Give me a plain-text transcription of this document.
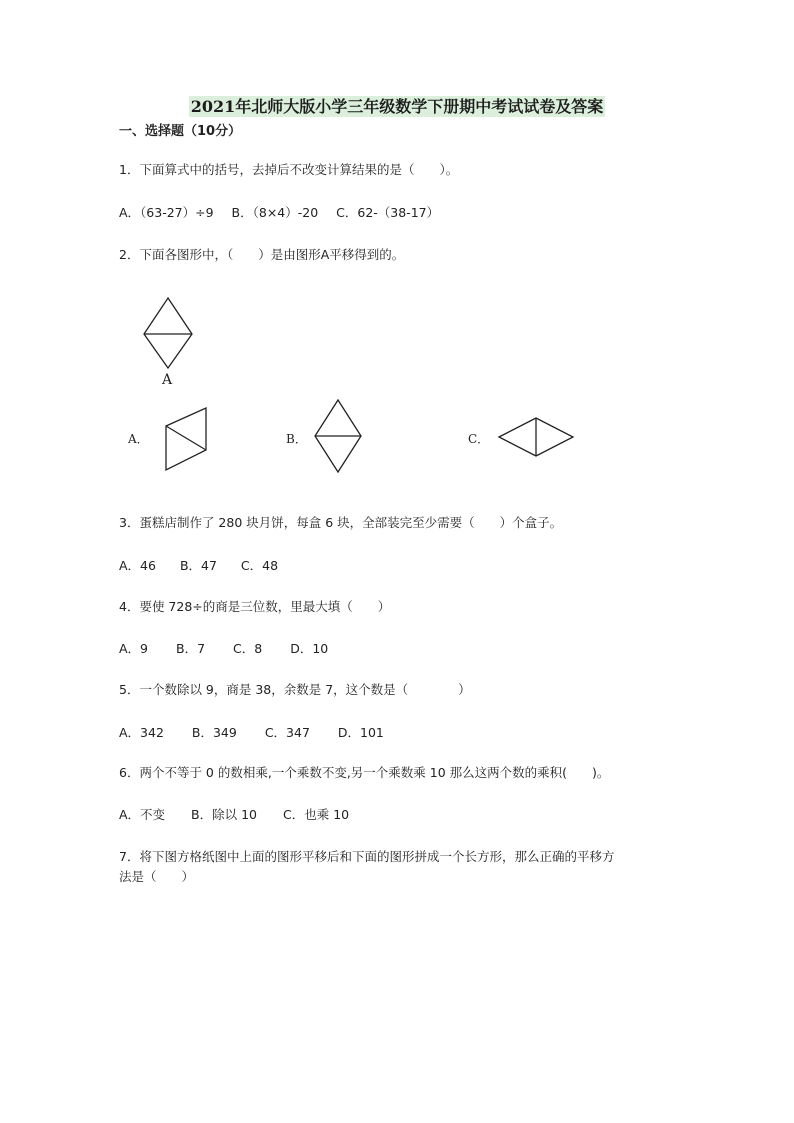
2021年北师大版小学三年级数学下册期中考试试卷及答案
一、选择题（10分）
1．下面算式中的括号，去掉后不改变计算结果的是（　　）。
A．（63-27）÷9 B．（8×4）-20 C．62-（38-17）
2．下面各图形中，（　　）是由图形A平移得到的。
A
A．	B．	C．
3．蛋糕店制作了 280 块月饼，每盒 6 块，全部装完至少需要（　　）个盒子。
A．46 B．47 C．48
4．要使 728÷的商是三位数，里最大填（　　）
A．9 B．7 C．8 D．10
5．一个数除以 9，商是 38，余数是 7，这个数是（　　　　）
A．342 B．349 C．347 D．101
6．两个不等于 0 的数相乘,一个乘数不变,另一个乘数乘 10 那么这两个数的乘积(　　)。
A．不变 B．除以 10 C．也乘 10
7．将下图方格纸图中上面的图形平移后和下面的图形拼成一个长方形，那么正确的平移方
法是（　　）
